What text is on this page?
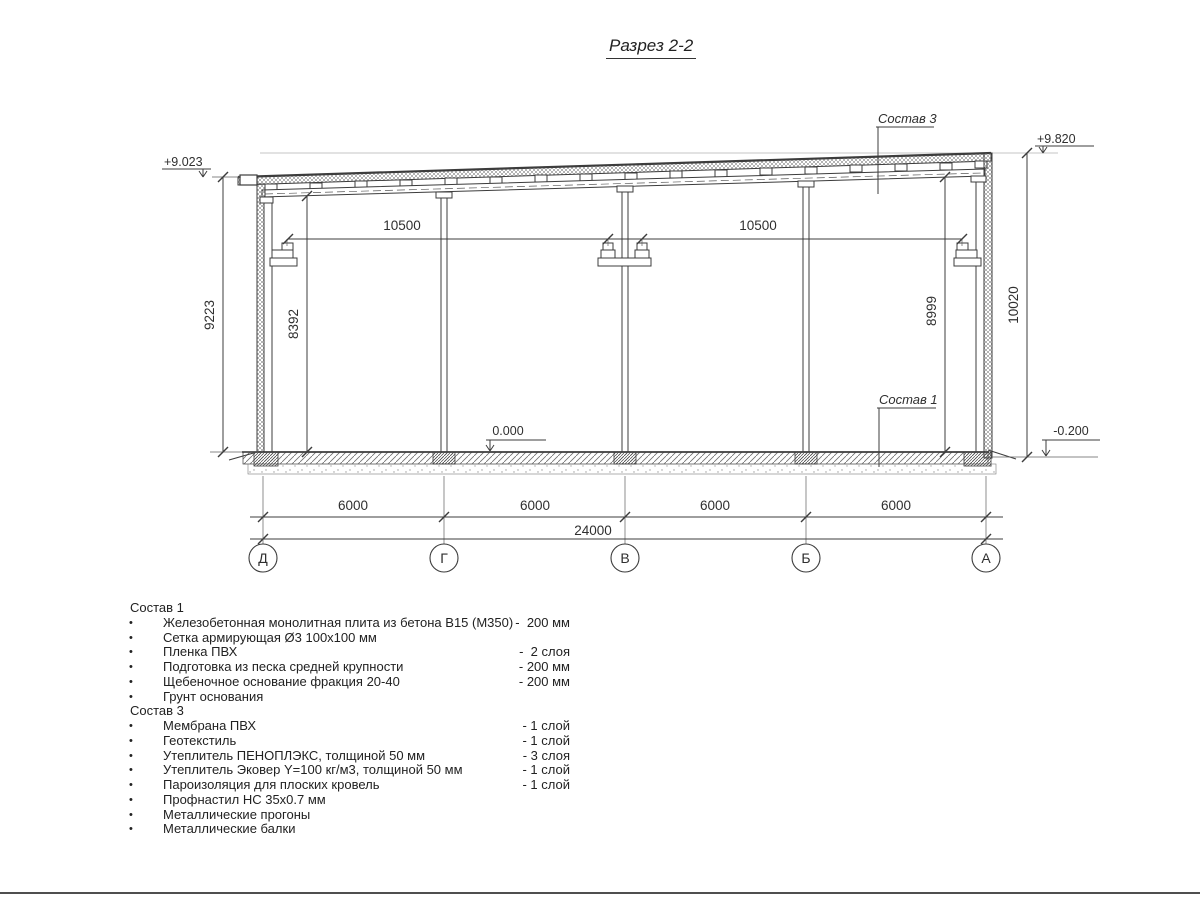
Разрез 2-2
+9.023
+9.820
0.000	-0.200
Состав 3
Состав 1
10500	10500
9223	8392	8999	10020
6000	6000	6000	6000
24000
Д	Г	В	Б	А
Состав 1
•	Железобетонная монолитная плита из бетона В15 (М350) -  200 мм
•	Сетка армирующая Ø3 100х100 мм
•	Пленка ПВХ	-  2 слоя
•	Подготовка из песка средней крупности	- 200 мм
•	Щебеночное основание фракция 20-40	- 200 мм
•	Грунт основания
Состав 3
•	Мембрана ПВХ	- 1 слой
•	Геотекстиль	- 1 слой
•	Утеплитель ПЕНОПЛЭКС, толщиной 50 мм	- 3 слоя
•	Утеплитель Эковер Y=100 кг/м3, толщиной 50 мм	- 1 слой
•	Пароизоляция для плоских кровель	- 1 слой
•	Профнастил НС 35х0.7 мм
•	Металлические прогоны
•	Металлические балки
